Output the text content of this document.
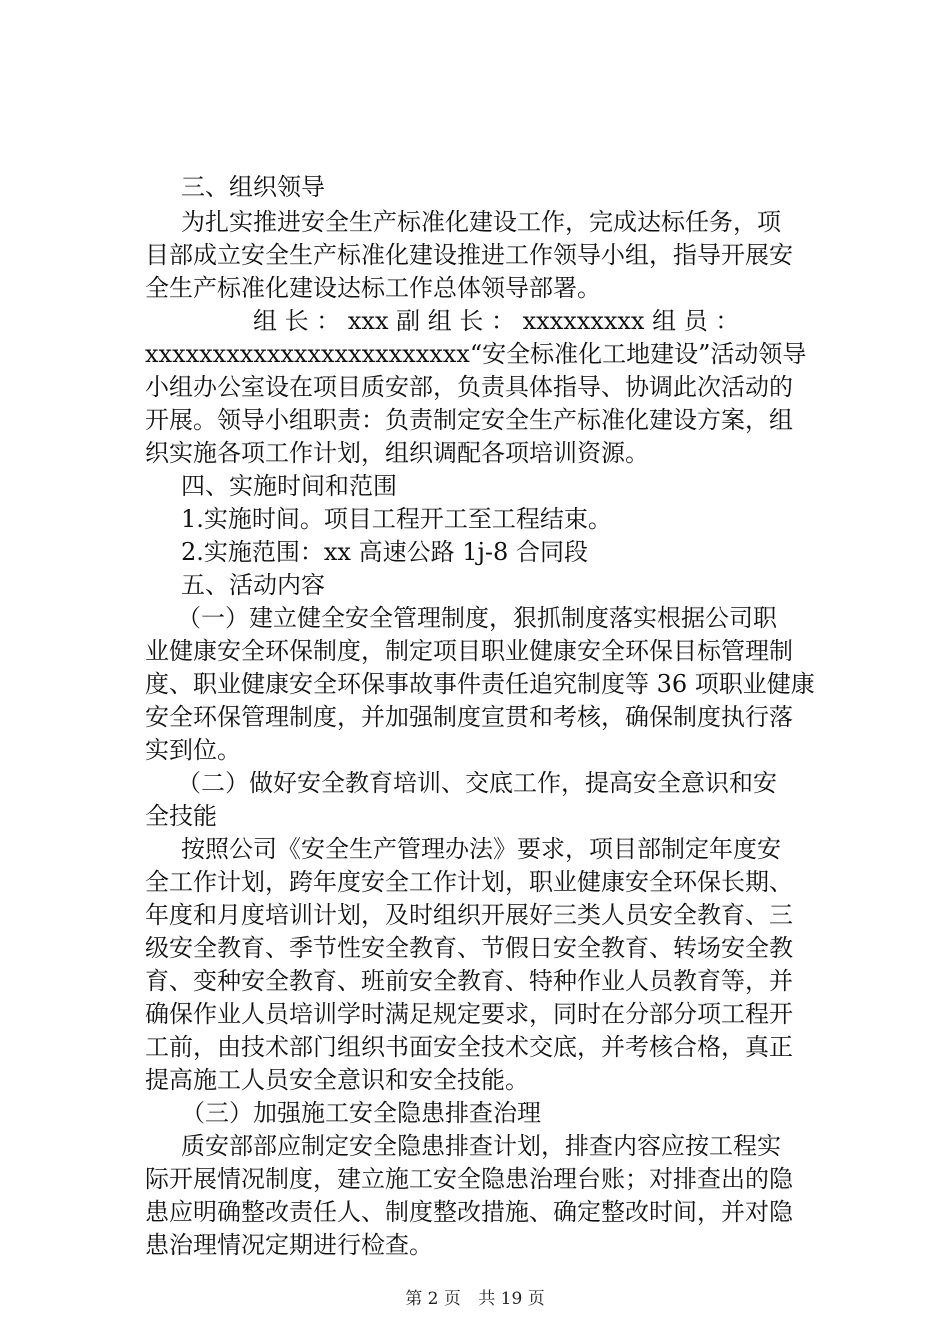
三、组织领导
为扎实推进安全生产标准化建设工作，完成达标任务，项
目部成立安全生产标准化建设推进工作领导小组，指导开展安
全生产标准化建设达标工作总体领导部署。
组 长 ： xxx 副 组 长 ： xxxxxxxxx 组 员 ：
xxxxxxxxxxxxxxxxxxxxxxxx“安全标准化工地建设”活动领导
小组办公室设在项目质安部，负责具体指导、协调此次活动的
开展。领导小组职责：负责制定安全生产标准化建设方案，组
织实施各项工作计划，组织调配各项培训资源。
四、实施时间和范围
1.实施时间。项目工程开工至工程结束。
2.实施范围：xx 高速公路 1j-8 合同段
五、活动内容
（一）建立健全安全管理制度，狠抓制度落实根据公司职
业健康安全环保制度，制定项目职业健康安全环保目标管理制
度、职业健康安全环保事故事件责任追究制度等 36 项职业健康
安全环保管理制度，并加强制度宣贯和考核，确保制度执行落
实到位。
（二）做好安全教育培训、交底工作，提高安全意识和安
全技能
按照公司《安全生产管理办法》要求，项目部制定年度安
全工作计划，跨年度安全工作计划，职业健康安全环保长期、
年度和月度培训计划，及时组织开展好三类人员安全教育、三
级安全教育、季节性安全教育、节假日安全教育、转场安全教
育、变种安全教育、班前安全教育、特种作业人员教育等，并
确保作业人员培训学时满足规定要求，同时在分部分项工程开
工前，由技术部门组织书面安全技术交底，并考核合格，真正
提高施工人员安全意识和安全技能。
（三）加强施工安全隐患排查治理
质安部部应制定安全隐患排查计划，排查内容应按工程实
际开展情况制度，建立施工安全隐患治理台账；对排查出的隐
患应明确整改责任人、制度整改措施、确定整改时间，并对隐
患治理情况定期进行检查。
第 2 页 共 19 页
